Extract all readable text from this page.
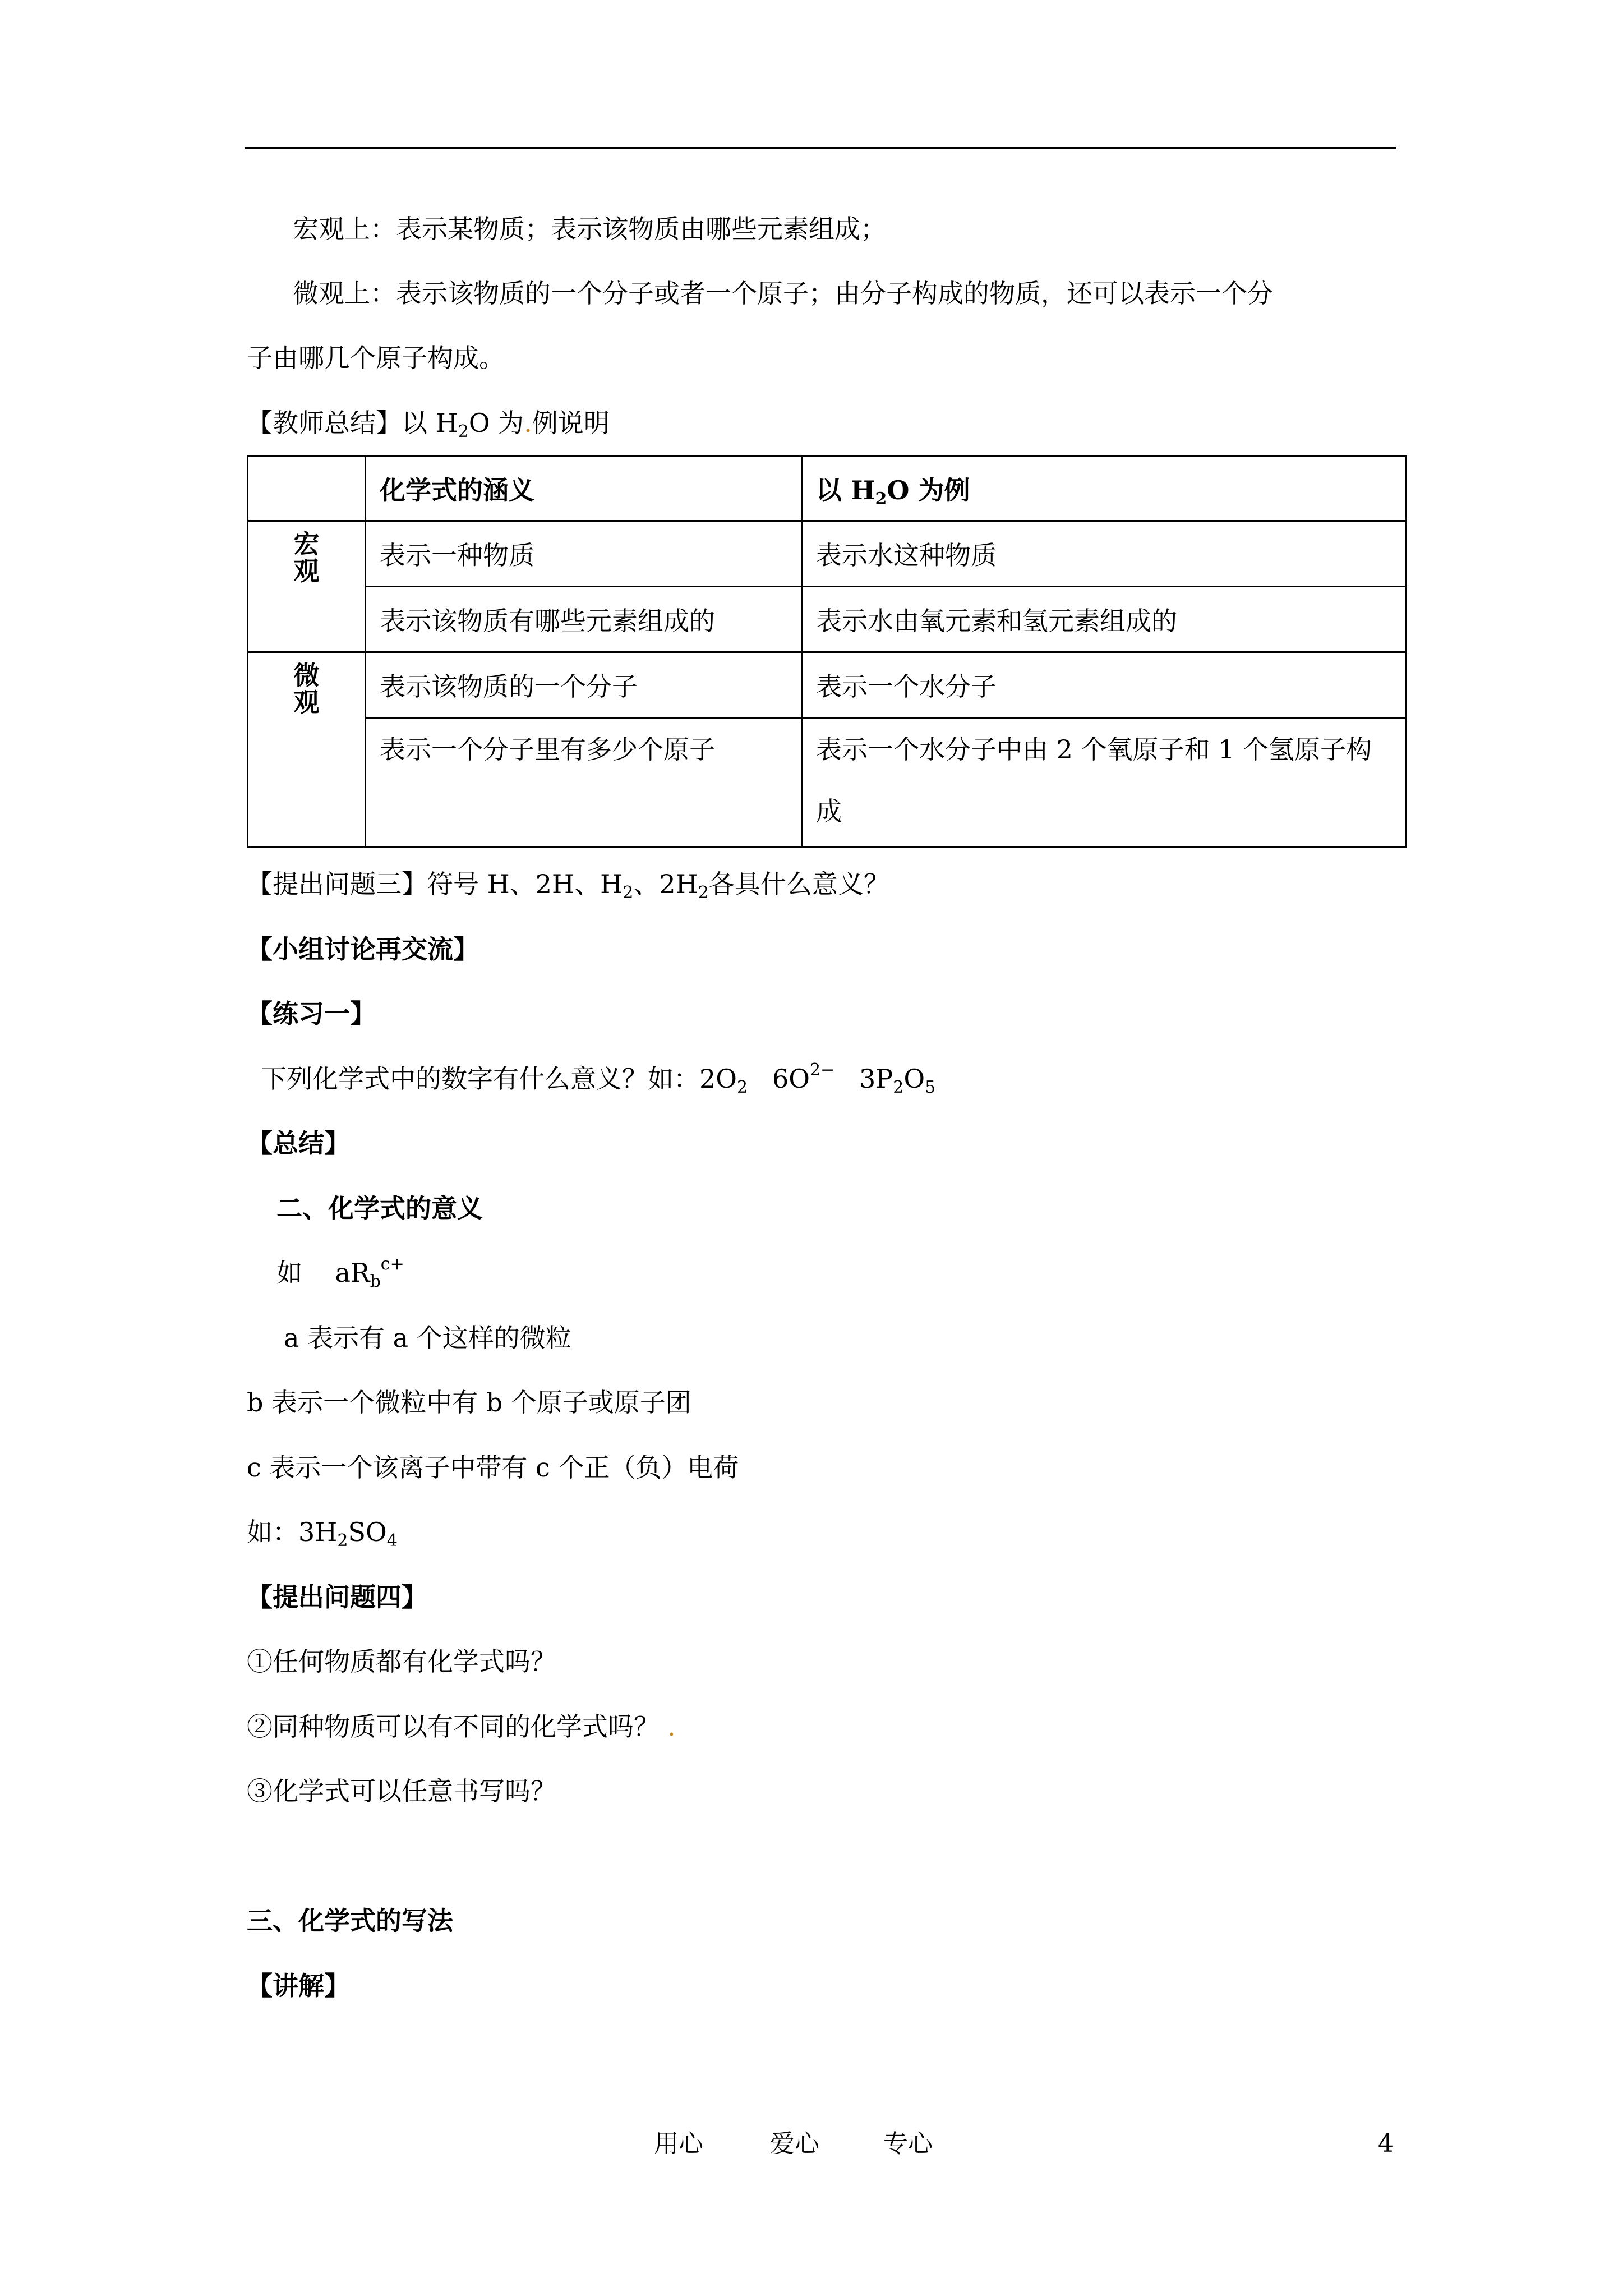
宏观上：表示某物质；表示该物质由哪些元素组成；
微观上：表示该物质的一个分子或者一个原子；由分子构成的物质，还可以表示一个分
子由哪几个原子构成。
【教师总结】以 $H_2O$ 为.例说明
	化学式的涵义	以 $H_2O$ 为例

宏观	表示一种物质	表示水这种物质
	表示该物质有哪些元素组成的	表示水由氧元素和氢元素组成的

微观	表示该物质的一个分子	表示一个水分子
	表示一个分子里有多少个原子	表示一个水分子中由 2 个氧原子和 1 个氢原子构成
【提出问题三】符号 H、2H、$H_2$、$2H_2$各具什么意义？
【小组讨论再交流】
【练习一】
下列化学式中的数字有什么意义？如：$2O_2$   $6O^{2-}$   $3P_2O_5$
【总结】
二、化学式的意义
如    $aR_b^{c+}$
a 表示有 a 个这样的微粒
b 表示一个微粒中有 b 个原子或原子团
c 表示一个该离子中带有 c 个正（负）电荷
如：$3H_2SO_4$
【提出问题四】
①任何物质都有化学式吗？
②同种物质可以有不同的化学式吗？ .
③化学式可以任意书写吗？
三、化学式的写法
【讲解】
用心	爱心	专心	4
